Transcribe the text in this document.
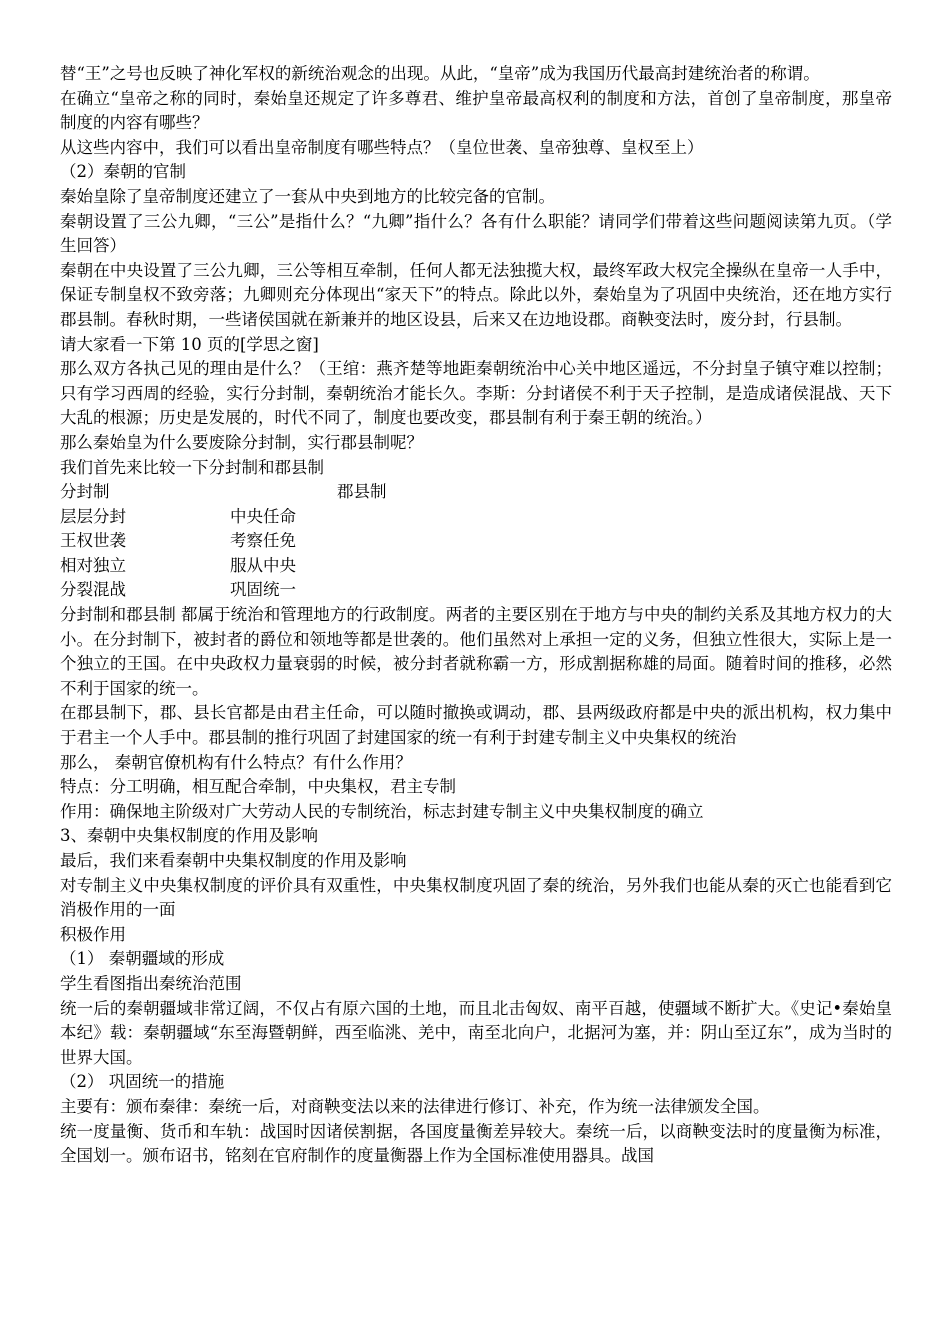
替“王”之号也反映了神化军权的新统治观念的出现。从此，“皇帝”成为我国历代最高封建统治者的称谓。

在确立“皇帝之称的同时，秦始皇还规定了许多尊君、维护皇帝最高权利的制度和方法，首创了皇帝制度，那皇帝制度的内容有哪些？

从这些内容中，我们可以看出皇帝制度有哪些特点？（皇位世袭、皇帝独尊、皇权至上）

（2）秦朝的官制

秦始皇除了皇帝制度还建立了一套从中央到地方的比较完备的官制。

秦朝设置了三公九卿，“三公”是指什么？“九卿”指什么？各有什么职能？请同学们带着这些问题阅读第九页。（学生回答）

秦朝在中央设置了三公九卿，三公等相互牵制，任何人都无法独揽大权，最终军政大权完全操纵在皇帝一人手中，保证专制皇权不致旁落；九卿则充分体现出“家天下”的特点。除此以外，秦始皇为了巩固中央统治，还在地方实行郡县制。春秋时期，一些诸侯国就在新兼并的地区设县，后来又在边地设郡。商鞅变法时，废分封，行县制。

请大家看一下第 10 页的[学思之窗]

那么双方各执己见的理由是什么？（王绾：燕齐楚等地距秦朝统治中心关中地区遥远，不分封皇子镇守难以控制；只有学习西周的经验，实行分封制，秦朝统治才能长久。李斯：分封诸侯不利于天子控制，是造成诸侯混战、天下大乱的根源；历史是发展的，时代不同了，制度也要改变，郡县制有利于秦王朝的统治。）

那么秦始皇为什么要废除分封制，实行郡县制呢？

我们首先来比较一下分封制和郡县制

分封制	郡县制
层层分封	中央任命
王权世袭	考察任免
相对独立	服从中央
分裂混战	巩固统一

分封制和郡县制 都属于统治和管理地方的行政制度。两者的主要区别在于地方与中央的制约关系及其地方权力的大小。在分封制下，被封者的爵位和领地等都是世袭的。他们虽然对上承担一定的义务，但独立性很大，实际上是一个独立的王国。在中央政权力量衰弱的时候，被分封者就称霸一方，形成割据称雄的局面。随着时间的推移，必然不利于国家的统一。

在郡县制下，郡、县长官都是由君主任命，可以随时撤换或调动，郡、县两级政府都是中央的派出机构，权力集中于君主一个人手中。郡县制的推行巩固了封建国家的统一有利于封建专制主义中央集权的统治

那么， 秦朝官僚机构有什么特点？有什么作用？

特点：分工明确，相互配合牵制，中央集权，君主专制

作用：确保地主阶级对广大劳动人民的专制统治，标志封建专制主义中央集权制度的确立

3、秦朝中央集权制度的作用及影响

最后，我们来看秦朝中央集权制度的作用及影响

对专制主义中央集权制度的评价具有双重性，中央集权制度巩固了秦的统治，另外我们也能从秦的灭亡也能看到它消极作用的一面

积极作用

（1） 秦朝疆域的形成

学生看图指出秦统治范围

统一后的秦朝疆域非常辽阔，不仅占有原六国的土地，而且北击匈奴、南平百越，使疆域不断扩大。《史记•秦始皇本纪》载：秦朝疆域“东至海暨朝鲜，西至临洮、羌中，南至北向户，北据河为塞，并：阴山至辽东”，成为当时的世界大国。

（2） 巩固统一的措施

主要有：颁布秦律：秦统一后，对商鞅变法以来的法律进行修订、补充，作为统一法律颁发全国。

统一度量衡、货币和车轨：战国时因诸侯割据，各国度量衡差异较大。秦统一后，以商鞅变法时的度量衡为标准，全国划一。颁布诏书，铭刻在官府制作的度量衡器上作为全国标准使用器具。战国
